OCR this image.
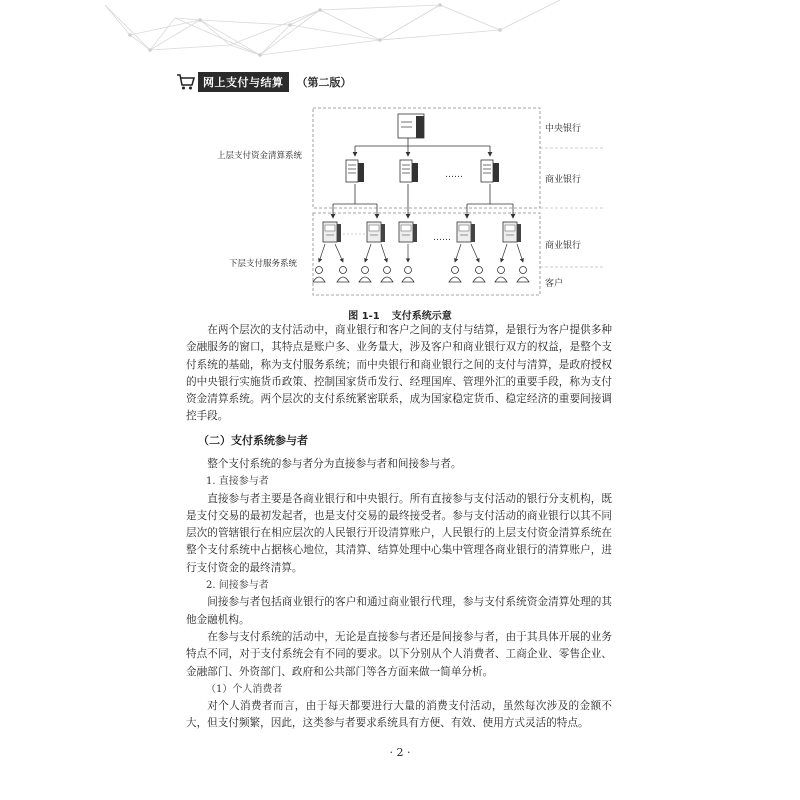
网上支付与结算	（第二版）
……
……
中央银行
商业银行
商业银行
客户
上层支付资金清算系统
下层支付服务系统
图 1-1 支付系统示意

在两个层次的支付活动中，商业银行和客户之间的支付与结算，是银行为客户提供多种金融服务的窗口，其特点是账户多、业务量大，涉及客户和商业银行双方的权益，是整个支付系统的基础，称为支付服务系统；而中央银行和商业银行之间的支付与清算，是政府授权的中央银行实施货币政策、控制国家货币发行、经理国库、管理外汇的重要手段，称为支付资金清算系统。两个层次的支付系统紧密联系，成为国家稳定货币、稳定经济的重要间接调控手段。

（二）支付系统参与者

整个支付系统的参与者分为直接参与者和间接参与者。

1. 直接参与者

直接参与者主要是各商业银行和中央银行。所有直接参与支付活动的银行分支机构，既是支付交易的最初发起者，也是支付交易的最终接受者。参与支付活动的商业银行以其不同层次的管辖银行在相应层次的人民银行开设清算账户，人民银行的上层支付资金清算系统在整个支付系统中占据核心地位，其清算、结算处理中心集中管理各商业银行的清算账户，进行支付资金的最终清算。

2. 间接参与者

间接参与者包括商业银行的客户和通过商业银行代理，参与支付系统资金清算处理的其他金融机构。

在参与支付系统的活动中，无论是直接参与者还是间接参与者，由于其具体开展的业务特点不同，对于支付系统会有不同的要求。以下分别从个人消费者、工商企业、零售企业、金融部门、外资部门、政府和公共部门等各方面来做一简单分析。

（1）个人消费者

对个人消费者而言，由于每天都要进行大量的消费支付活动，虽然每次涉及的金额不大，但支付频繁，因此，这类参与者要求系统具有方便、有效、使用方式灵活的特点。

· 2 ·
